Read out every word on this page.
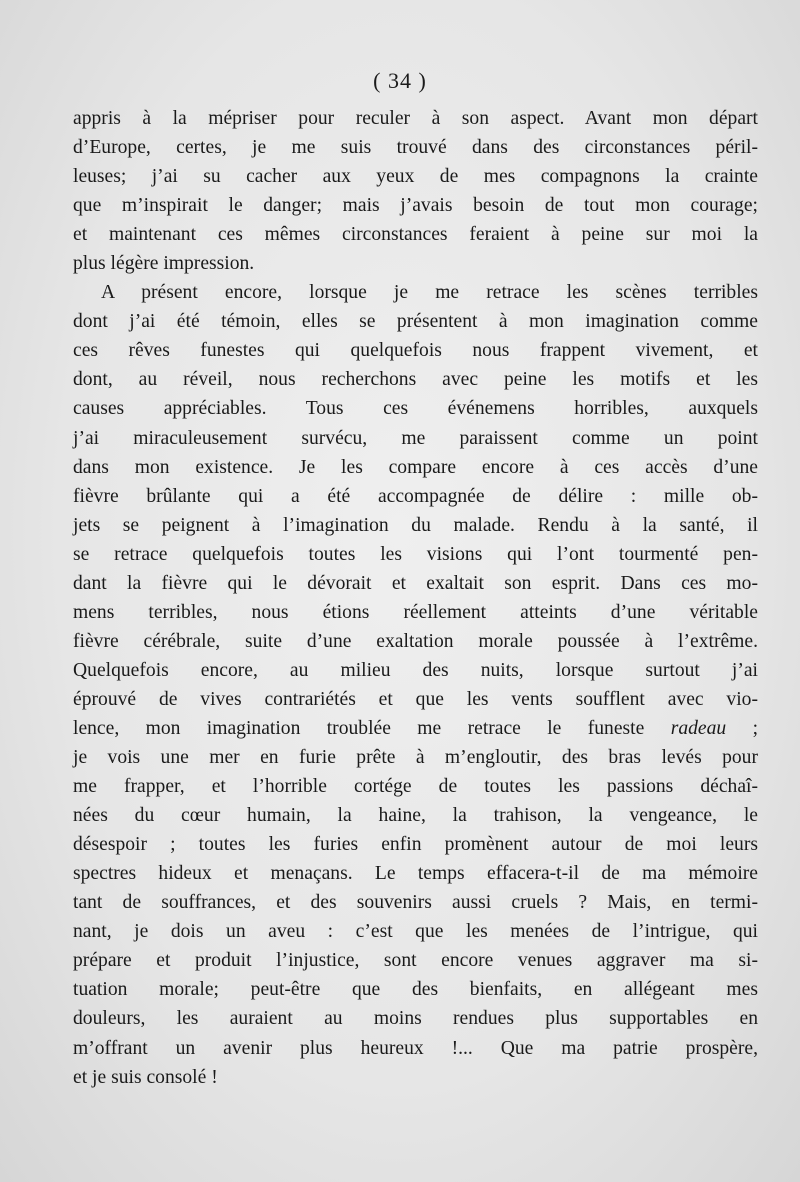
( 34 )
appris à la mépriser pour reculer à son aspect. Avant mon départ
d’Europe, certes, je me suis trouvé dans des circonstances péril-
leuses; j’ai su cacher aux yeux de mes compagnons la crainte
que m’inspirait le danger; mais j’avais besoin de tout mon courage;
et maintenant ces mêmes circonstances feraient à peine sur moi la
plus légère impression.
A présent encore, lorsque je me retrace les scènes terribles
dont j’ai été témoin, elles se présentent à mon imagination comme
ces rêves funestes qui quelquefois nous frappent vivement, et
dont, au réveil, nous recherchons avec peine les motifs et les
causes appréciables. Tous ces événemens horribles, auxquels
j’ai miraculeusement survécu, me paraissent comme un point
dans mon existence. Je les compare encore à ces accès d’une
fièvre brûlante qui a été accompagnée de délire : mille ob-
jets se peignent à l’imagination du malade. Rendu à la santé, il
se retrace quelquefois toutes les visions qui l’ont tourmenté pen-
dant la fièvre qui le dévorait et exaltait son esprit. Dans ces mo-
mens terribles, nous étions réellement atteints d’une véritable
fièvre cérébrale, suite d’une exaltation morale poussée à l’extrême.
Quelquefois encore, au milieu des nuits, lorsque surtout j’ai
éprouvé de vives contrariétés et que les vents soufflent avec vio-
lence, mon imagination troublée me retrace le funeste radeau ;
je vois une mer en furie prête à m’engloutir, des bras levés pour
me frapper, et l’horrible cortége de toutes les passions déchaî-
nées du cœur humain, la haine, la trahison, la vengeance, le
désespoir ; toutes les furies enfin promènent autour de moi leurs
spectres hideux et menaçans. Le temps effacera-t-il de ma mémoire
tant de souffrances, et des souvenirs aussi cruels ? Mais, en termi-
nant, je dois un aveu : c’est que les menées de l’intrigue, qui
prépare et produit l’injustice, sont encore venues aggraver ma si-
tuation morale; peut-être que des bienfaits, en allégeant mes
douleurs, les auraient au moins rendues plus supportables en
m’offrant un avenir plus heureux !... Que ma patrie prospère,
et je suis consolé !
